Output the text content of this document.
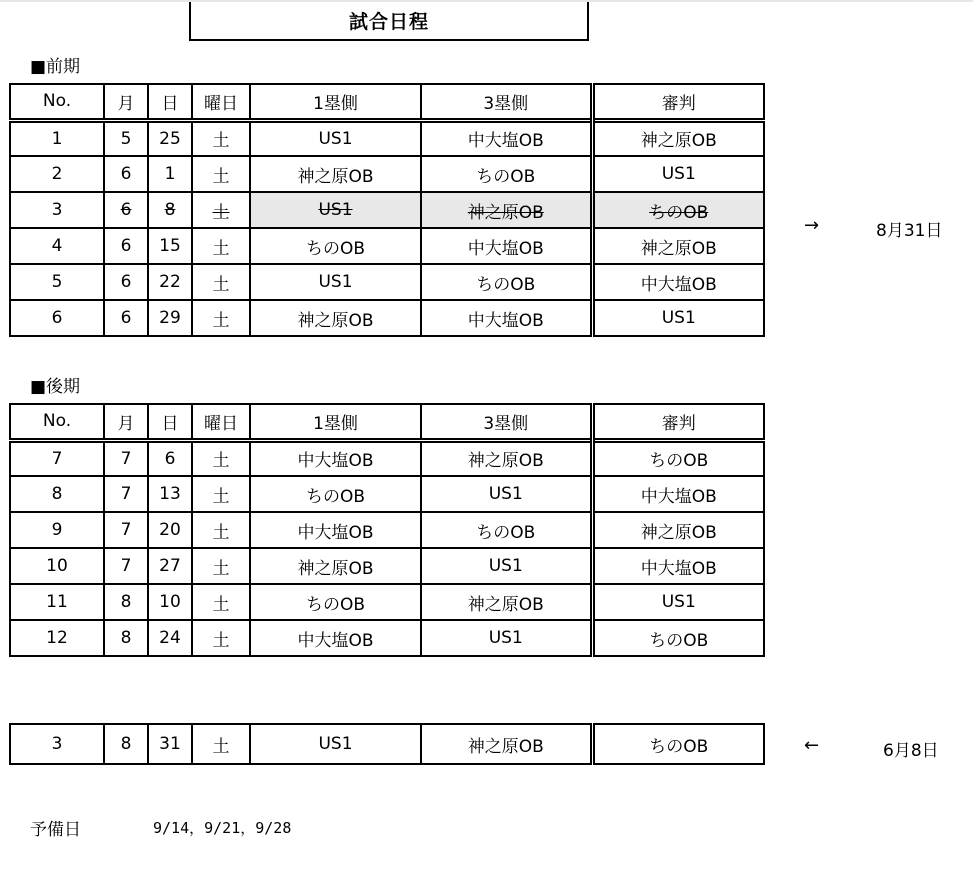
試合日程
■前期
No.	月	日	曜日	1塁側	3塁側	審判
1	5	25	土	US1	中大塩OB	神之原OB
2	6	1	土	神之原OB	ちのOB	US1
3	6	8	土	US1	神之原OB	ちのOB
4	6	15	土	ちのOB	中大塩OB	神之原OB
5	6	22	土	US1	ちのOB	中大塩OB
6	6	29	土	神之原OB	中大塩OB	US1
→	8月31日
■後期
No.	月	日	曜日	1塁側	3塁側	審判
7	7	6	土	中大塩OB	神之原OB	ちのOB
8	7	13	土	ちのOB	US1	中大塩OB
9	7	20	土	中大塩OB	ちのOB	神之原OB
10	7	27	土	神之原OB	US1	中大塩OB
11	8	10	土	ちのOB	神之原OB	US1
12	8	24	土	中大塩OB	US1	ちのOB
3	8	31	土	US1	神之原OB	ちのOB	←	6月8日
予備日	9/14，9/21，9/28
